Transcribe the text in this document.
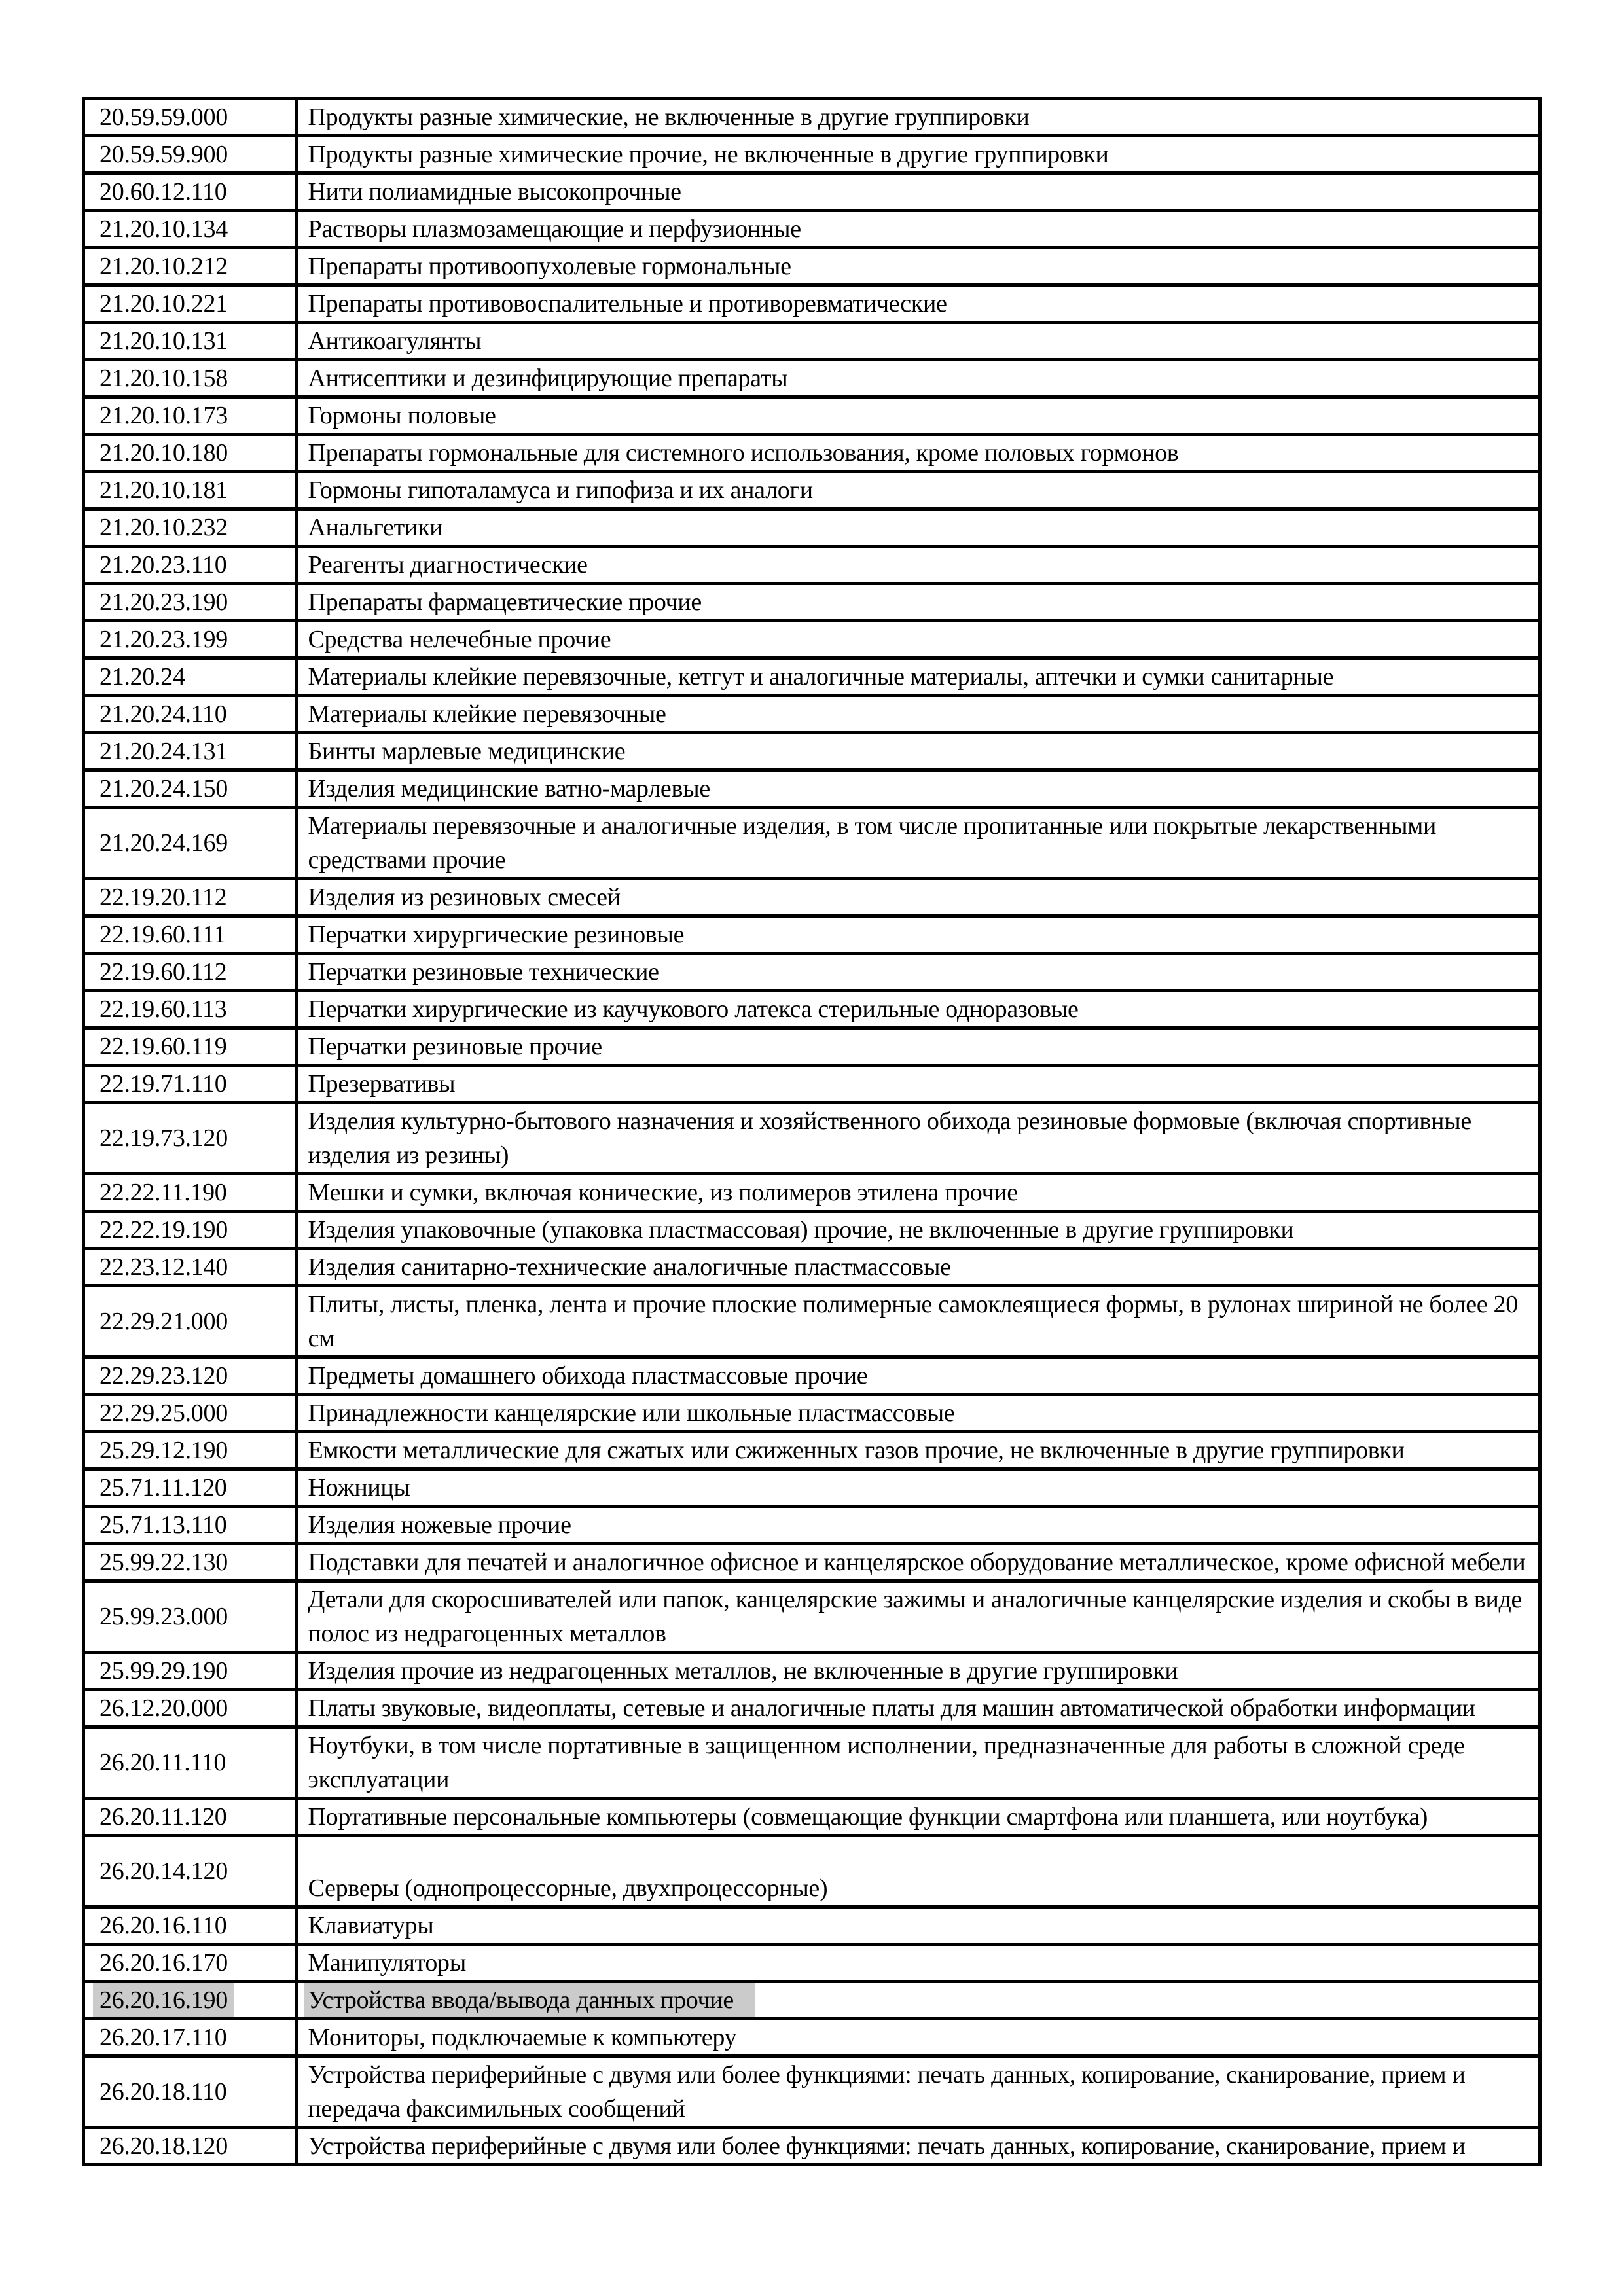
20.59.59.000	Продукты разные химические, не включенные в другие группировки
20.59.59.900	Продукты разные химические прочие, не включенные в другие группировки
20.60.12.110	Нити полиамидные высокопрочные
21.20.10.134	Растворы плазмозамещающие и перфузионные
21.20.10.212	Препараты противоопухолевые гормональные
21.20.10.221	Препараты противовоспалительные и противоревматические
21.20.10.131	Антикоагулянты
21.20.10.158	Антисептики и дезинфицирующие препараты
21.20.10.173	Гормоны половые
21.20.10.180	Препараты гормональные для системного использования, кроме половых гормонов
21.20.10.181	Гормоны гипоталамуса и гипофиза и их аналоги
21.20.10.232	Анальгетики
21.20.23.110	Реагенты диагностические
21.20.23.190	Препараты фармацевтические прочие
21.20.23.199	Средства нелечебные прочие
21.20.24	Материалы клейкие перевязочные, кетгут и аналогичные материалы, аптечки и сумки санитарные
21.20.24.110	Материалы клейкие перевязочные
21.20.24.131	Бинты марлевые медицинские
21.20.24.150	Изделия медицинские ватно-марлевые
21.20.24.169	Материалы перевязочные и аналогичные изделия, в том числе пропитанные или покрытые лекарственными средствами прочие
22.19.20.112	Изделия из резиновых смесей
22.19.60.111	Перчатки хирургические резиновые
22.19.60.112	Перчатки резиновые технические
22.19.60.113	Перчатки хирургические из каучукового латекса стерильные одноразовые
22.19.60.119	Перчатки резиновые прочие
22.19.71.110	Презервативы
22.19.73.120	Изделия культурно-бытового назначения и хозяйственного обихода резиновые формовые (включая спортивные изделия из резины)
22.22.11.190	Мешки и сумки, включая конические, из полимеров этилена прочие
22.22.19.190	Изделия упаковочные (упаковка пластмассовая) прочие, не включенные в другие группировки
22.23.12.140	Изделия санитарно-технические аналогичные пластмассовые
22.29.21.000	Плиты, листы, пленка, лента и прочие плоские полимерные самоклеящиеся формы, в рулонах шириной не более 20 см
22.29.23.120	Предметы домашнего обихода пластмассовые прочие
22.29.25.000	Принадлежности канцелярские или школьные пластмассовые
25.29.12.190	Емкости металлические для сжатых или сжиженных газов прочие, не включенные в другие группировки
25.71.11.120	Ножницы
25.71.13.110	Изделия ножевые прочие
25.99.22.130	Подставки для печатей и аналогичное офисное и канцелярское оборудование металлическое, кроме офисной мебели
25.99.23.000	Детали для скоросшивателей или папок, канцелярские зажимы и аналогичные канцелярские изделия и скобы в виде полос из недрагоценных металлов
25.99.29.190	Изделия прочие из недрагоценных металлов, не включенные в другие группировки
26.12.20.000	Платы звуковые, видеоплаты, сетевые и аналогичные платы для машин автоматической обработки информации
26.20.11.110	Ноутбуки, в том числе портативные в защищенном исполнении, предназначенные для работы в сложной среде эксплуатации
26.20.11.120	Портативные персональные компьютеры (совмещающие функции смартфона или планшета, или ноутбука)
26.20.14.120	Серверы (однопроцессорные, двухпроцессорные)
26.20.16.110	Клавиатуры
26.20.16.170	Манипуляторы
26.20.16.190	Устройства ввода/вывода данных прочие
26.20.17.110	Мониторы, подключаемые к компьютеру
26.20.18.110	Устройства периферийные с двумя или более функциями: печать данных, копирование, сканирование, прием и передача факсимильных сообщений
26.20.18.120	Устройства периферийные с двумя или более функциями: печать данных, копирование, сканирование, прием и
